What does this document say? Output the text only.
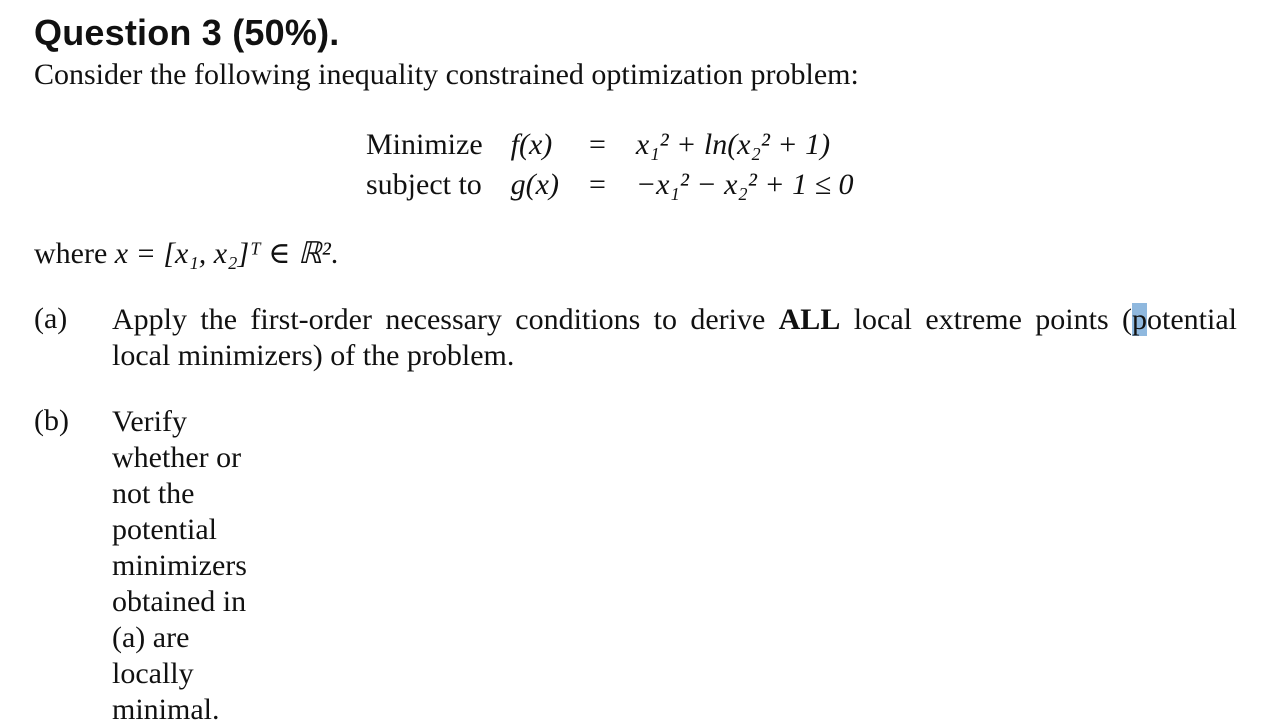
Question 3 (50%).
Consider the following inequality constrained optimization problem:
Minimize	f(x)	=	x₁² + ln(x₂² + 1)
subject to	g(x)	=	−x₁² − x₂² + 1 ≤ 0
where x = [x₁, x₂]ᵀ ∈ ℝ².
(a) Apply the first-order necessary conditions to derive ALL local extreme points (potential local minimizers) of the problem.
(b) Verify whether or not the potential minimizers obtained in (a) are locally minimal.
